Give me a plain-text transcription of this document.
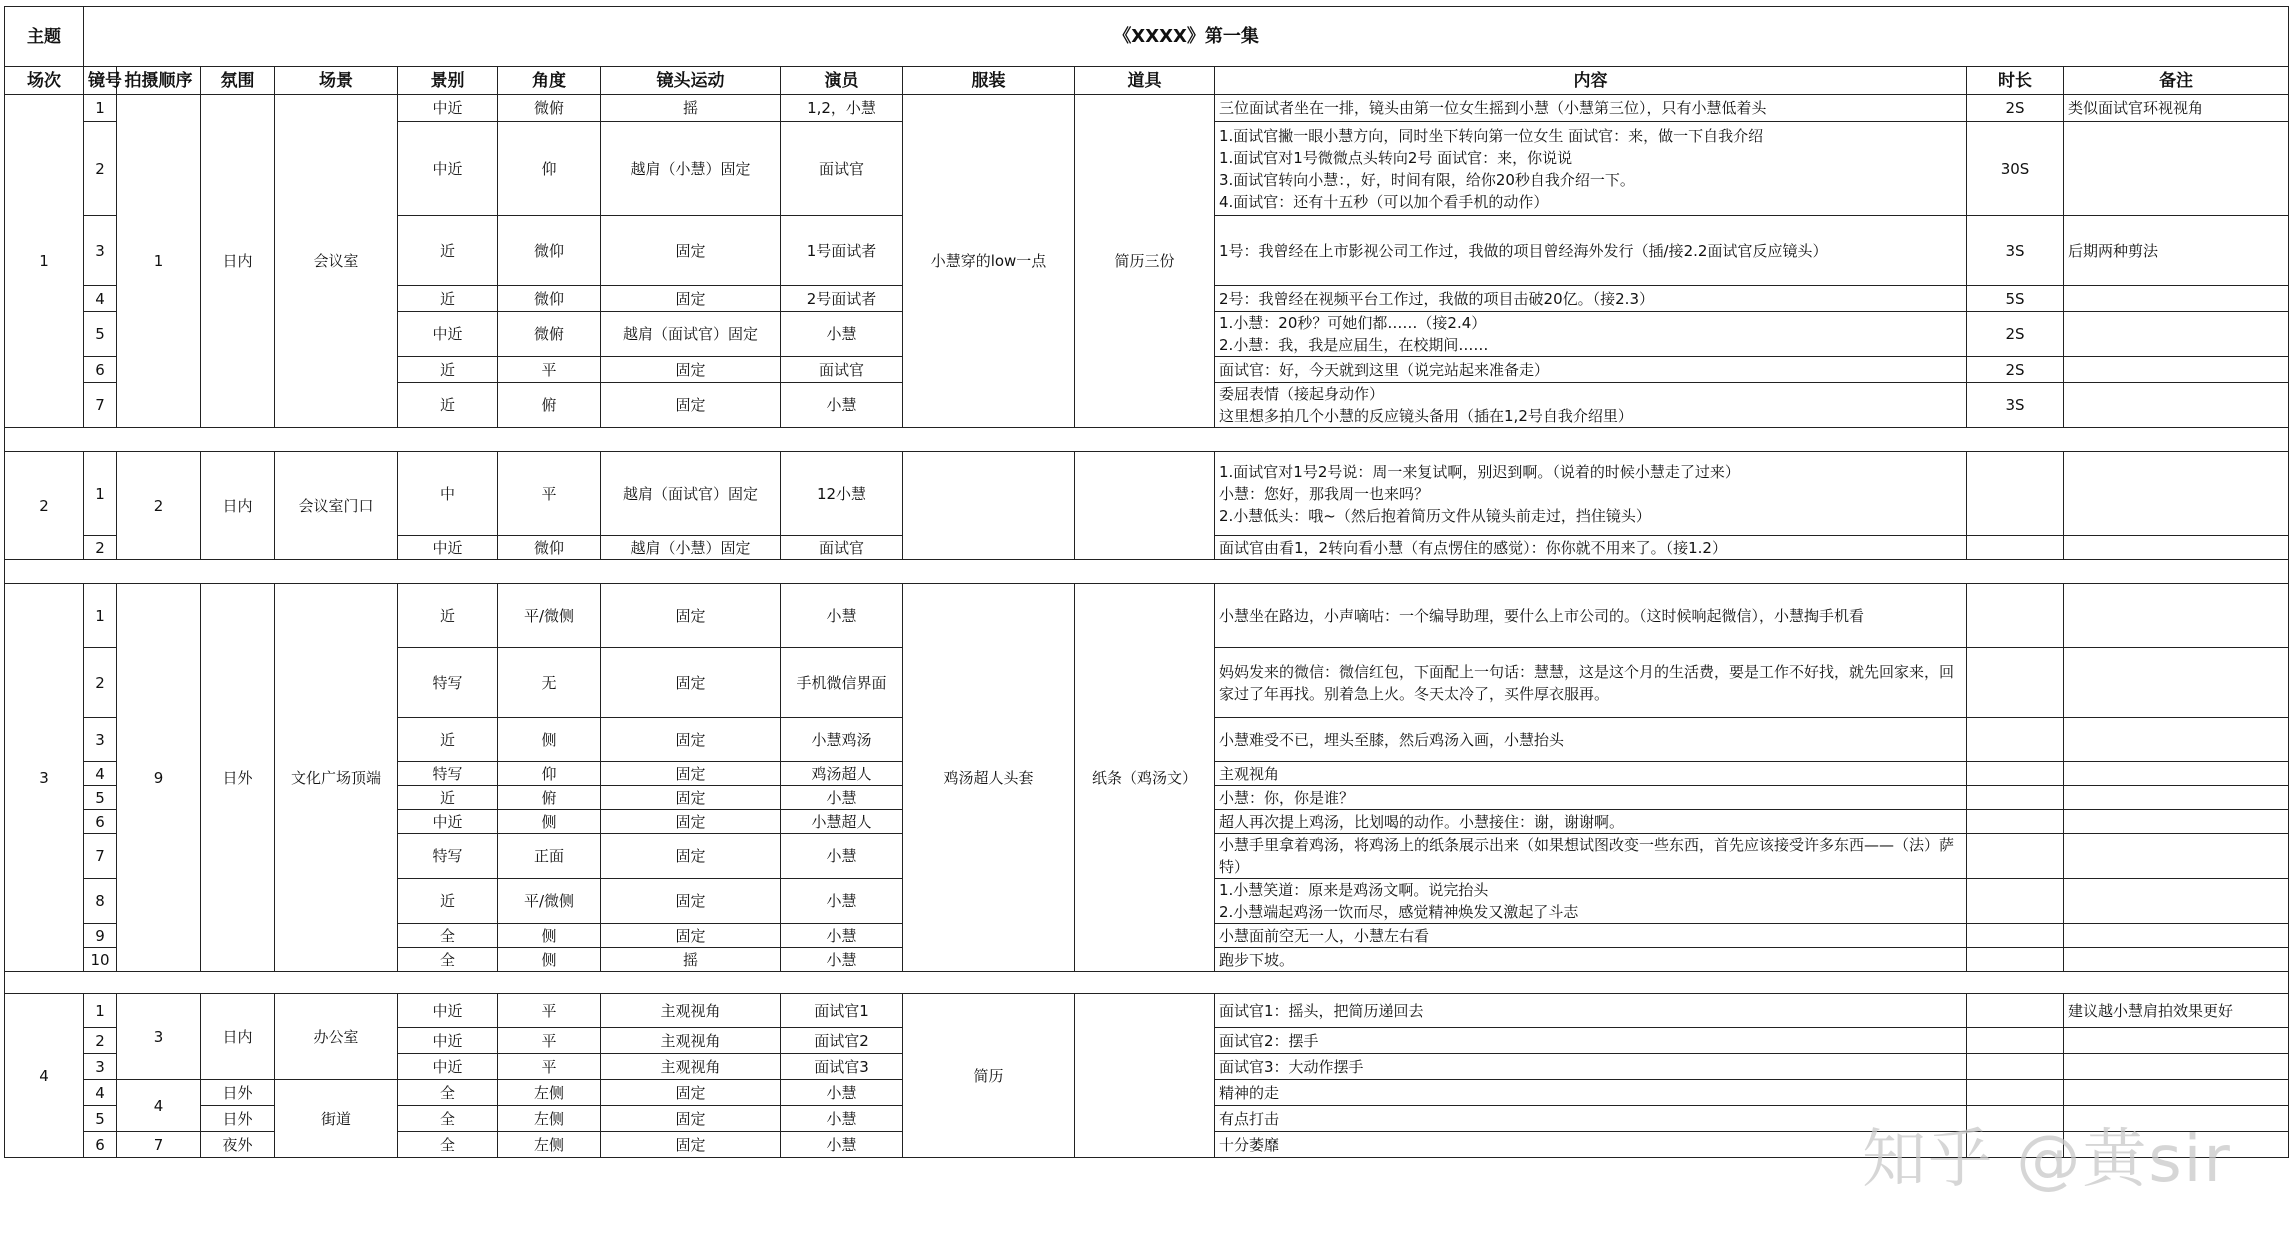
主题	《XXXX》第一集												
场次	镜号	拍摄顺序	氛围	场景	景别	角度	镜头运动	演员	服装	道具	内容	时长	备注
1	1	1	日内	会议室	中近	微俯	摇	1,2，小慧	小慧穿的low一点	简历三份	三位面试者坐在一排，镜头由第一位女生摇到小慧（小慧第三位），只有小慧低着头	2S	类似面试官环视视角
	2				中近	仰	越肩（小慧）固定	面试官			1.面试官撇一眼小慧方向，同时坐下转向第一位女生 面试官：来，做一下自我介绍
1.面试官对1号微微点头转向2号 面试官：来，你说说
3.面试官转向小慧：，好，时间有限，给你20秒自我介绍一下。
4.面试官：还有十五秒（可以加个看手机的动作）	30S	
	3				近	微仰	固定	1号面试者			1号：我曾经在上市影视公司工作过，我做的项目曾经海外发行（插/接2.2面试官反应镜头）	3S	后期两种剪法
	4				近	微仰	固定	2号面试者			2号：我曾经在视频平台工作过，我做的项目击破20亿。（接2.3）	5S	
	5				中近	微俯	越肩（面试官）固定	小慧			1.小慧：20秒？可她们都……（接2.4）
2.小慧：我，我是应届生，在校期间……	2S	
	6				近	平	固定	面试官			面试官：好，今天就到这里（说完站起来准备走）	2S	
	7				近	俯	固定	小慧			委屈表情（接起身动作）
这里想多拍几个小慧的反应镜头备用（插在1,2号自我介绍里）	3S	

2	1	2	日内	会议室门口	中	平	越肩（面试官）固定	12小慧			1.面试官对1号2号说：周一来复试啊，别迟到啊。（说着的时候小慧走了过来）
小慧：您好，那我周一也来吗？
2.小慧低头：哦~（然后抱着简历文件从镜头前走过，挡住镜头）		

	2				中近	微仰	越肩（小慧）固定	面试官			面试官由看1，2转向看小慧（有点愣住的感觉）：你你就不用来了。（接1.2）		

3	1	9	日外	文化广场顶端	近	平/微侧	固定	小慧	鸡汤超人头套	纸条（鸡汤文）	小慧坐在路边，小声嘀咕：一个编导助理，要什么上市公司的。（这时候响起微信），小慧掏手机看		

	2				特写	无	固定	手机微信界面			妈妈发来的微信：微信红包，下面配上一句话：慧慧，这是这个月的生活费，要是工作不好找，就先回家来，回家过了年再找。别着急上火。冬天太冷了，买件厚衣服再。		

	3				近	侧	固定	小慧鸡汤			小慧难受不已，埋头至膝，然后鸡汤入画，小慧抬头		

	4				特写	仰	固定	鸡汤超人			主观视角		

	5				近	俯	固定	小慧			小慧：你，你是谁？		

	6				中近	侧	固定	小慧超人			超人再次提上鸡汤，比划喝的动作。小慧接住：谢，谢谢啊。		

	7				特写	正面	固定	小慧			小慧手里拿着鸡汤，将鸡汤上的纸条展示出来（如果想试图改变一些东西，首先应该接受许多东西——（法）萨特）		

	8				近	平/微侧	固定	小慧			1.小慧笑道：原来是鸡汤文啊。说完抬头
2.小慧端起鸡汤一饮而尽，感觉精神焕发又激起了斗志		

	9				全	侧	固定	小慧			小慧面前空无一人，小慧左右看		

	10				全	侧	摇	小慧			跑步下坡。		

4	1	3	日内	办公室	中近	平	主观视角	面试官1	简历		面试官1：摇头，把简历递回去		建议越小慧肩拍效果更好
	2				中近	平	主观视角	面试官2			面试官2：摆手		

	3				中近	平	主观视角	面试官3			面试官3：大动作摆手		

	4	4	日外	街道	全	左侧	固定	小慧			精神的走		

	5		日外		全	左侧	固定	小慧			有点打击		

	6	7	夜外		全	左侧	固定	小慧			十分萎靡		
			知乎 @黄sir
